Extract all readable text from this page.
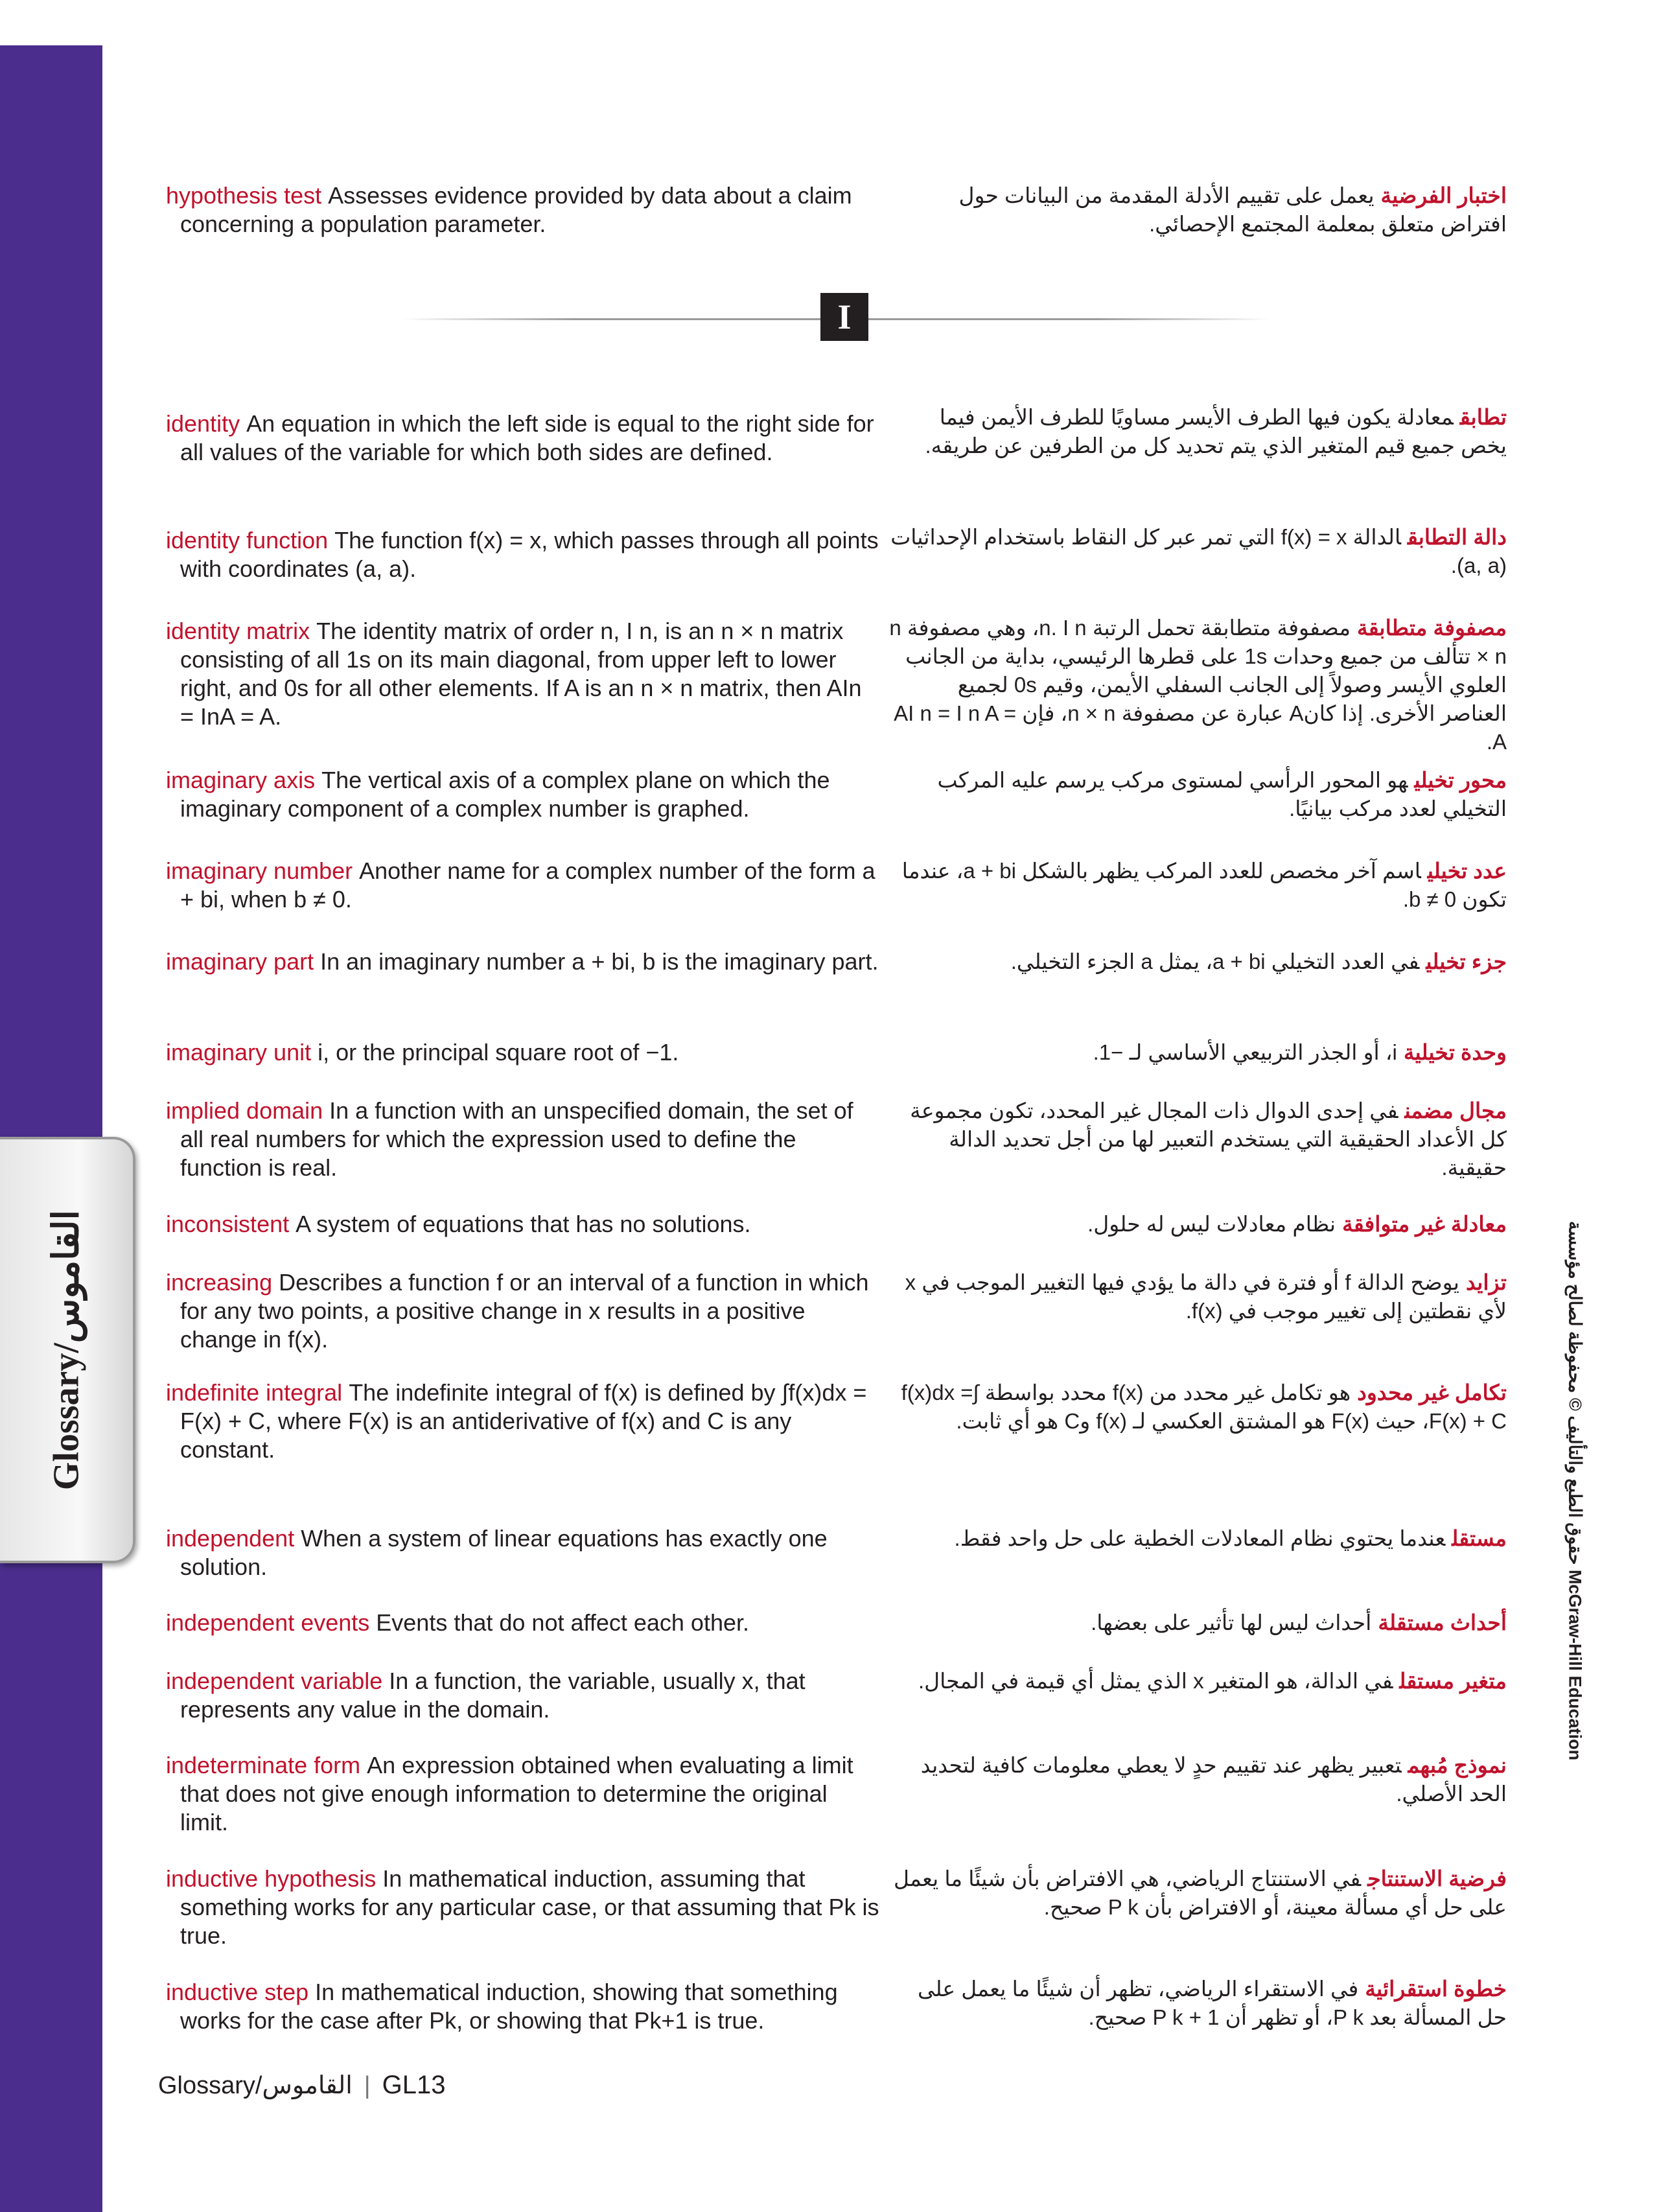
Glossary/القاموس	حقوق الطبع والتأليف © محفوظة لصالح مؤسسة McGraw-Hill Education
I
hypothesis test Assesses evidence provided by data about a claim concerning a population parameter.
identity An equation in which the left side is equal to the right side for all values of the variable for which both sides are defined.
identity function The function f(x) = x, which passes through all points with coordinates (a, a).
identity matrix The identity matrix of order n, I n, is an n × n matrix consisting of all 1s on its main diagonal, from upper left to lower right, and 0s for all other elements. If A is an n × n matrix, then AIn = InA = A.
imaginary axis The vertical axis of a complex plane on which the imaginary component of a complex number is graphed.
imaginary number Another name for a complex number of the form a + bi, when b ≠ 0.
imaginary part In an imaginary number a + bi, b is the imaginary part.
imaginary unit i, or the principal square root of −1.
implied domain In a function with an unspecified domain, the set of all real numbers for which the expression used to define the function is real.
inconsistent A system of equations that has no solutions.
increasing Describes a function f or an interval of a function in which for any two points, a positive change in x results in a positive change in f(x).
indefinite integral The indefinite integral of f(x) is defined by ∫f(x)dx = F(x) + C, where F(x) is an antiderivative of f(x) and C is any constant.
independent When a system of linear equations has exactly one solution.
independent events Events that do not affect each other.
independent variable In a function, the variable, usually x, that represents any value in the domain.
indeterminate form An expression obtained when evaluating a limit that does not give enough information to determine the original limit.
inductive hypothesis In mathematical induction, assuming that something works for any particular case, or that assuming that Pk is true.
inductive step In mathematical induction, showing that something works for the case after Pk, or showing that Pk+1 is true.
اختبار الفرضيةيعمل على تقييم الأدلة المقدمة من البيانات حول افتراض متعلق بمعلمة المجتمع الإحصائي.
تطابقمعادلة يكون فيها الطرف الأيسر مساويًا للطرف الأيمن فيما يخص جميع قيم المتغير الذي يتم تحديد كل من الطرفين عن طريقه.
دالة التطابقالدالة f(x) = x التي تمر عبر كل النقاط باستخدام الإحداثيات (a, a).
مصفوفة متطابقةمصفوفة متطابقة تحمل الرتبة n. I n، وهي مصفوفة n × n تتألف من جميع وحدات 1s على قطرها الرئيسي، بداية من الجانب العلوي الأيسر وصولاً إلى الجانب السفلي الأيمن، وقيم 0s لجميع العناصر الأخرى. إذا كانA عبارة عن مصفوفة n × n، فإن AI n = I n A = A.
محور تخيليهو المحور الرأسي لمستوى مركب يرسم عليه المركب التخيلي لعدد مركب بيانيًا.
عدد تخيلياسم آخر مخصص للعدد المركب يظهر بالشكل a + bi، عندما تكون b ≠ 0.
جزء تخيليفي العدد التخيلي a + bi، يمثل a الجزء التخيلي.
وحدة تخيليةi، أو الجذر التربيعي الأساسي لـ −1.
مجال مضمنفي إحدى الدوال ذات المجال غير المحدد، تكون مجموعة كل الأعداد الحقيقية التي يستخدم التعبير لها من أجل تحديد الدالة حقيقية.
معادلة غير متوافقةنظام معادلات ليس له حلول.
تزايديوضح الدالة f أو فترة في دالة ما يؤدي فيها التغيير الموجب في x لأي نقطتين إلى تغيير موجب في f(x).
تكامل غير محدودهو تكامل غير محدد من f(x) محدد بواسطة ∫f(x)dx = F(x) + C، حيث F(x) هو المشتق العكسي لـ f(x) وC هو أي ثابت.
مستقلعندما يحتوي نظام المعادلات الخطية على حل واحد فقط.
أحداث مستقلةأحداث ليس لها تأثير على بعضها.
متغير مستقلفي الدالة، هو المتغير x الذي يمثل أي قيمة في المجال.
نموذج مُبهمتعبير يظهر عند تقييم حدٍ لا يعطي معلومات كافية لتحديد الحد الأصلي.
فرضية الاستنتاجفي الاستنتاج الرياضي، هي الافتراض بأن شيئًا ما يعمل على حل أي مسألة معينة، أو الافتراض بأن P k صحيح.
خطوة استقرائيةفي الاستقراء الرياضي، تظهر أن شيئًا ما يعمل على حل المسألة بعد P k، أو تظهر أن P k + 1 صحيح.
Glossary/القاموس | GL13
